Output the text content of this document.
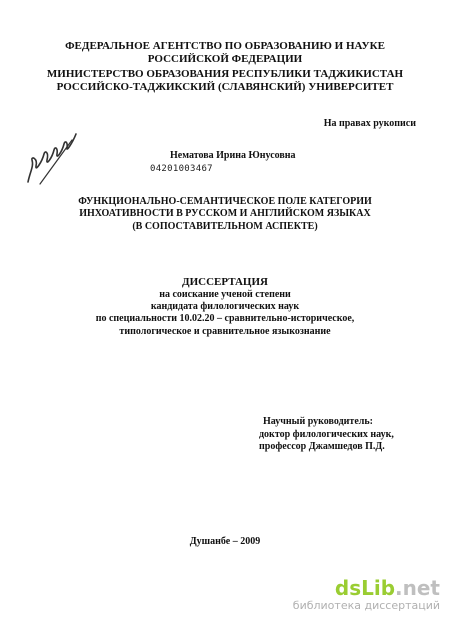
ФЕДЕРАЛЬНОЕ АГЕНТСТВО ПО ОБРАЗОВАНИЮ И НАУКЕ
РОССИЙСКОЙ ФЕДЕРАЦИИ
МИНИСТЕРСТВО ОБРАЗОВАНИЯ РЕСПУБЛИКИ ТАДЖИКИСТАН
РОССИЙСКО-ТАДЖИКСКИЙ (СЛАВЯНСКИЙ) УНИВЕРСИТЕТ
На правах рукописи
Нематова Ирина Юнусовна
04201003467
ФУНКЦИОНАЛЬНО-СЕМАНТИЧЕСКОЕ ПОЛЕ КАТЕГОРИИ
ИНХОАТИВНОСТИ В РУССКОМ И АНГЛИЙСКОМ ЯЗЫКАХ
(В СОПОСТАВИТЕЛЬНОМ АСПЕКТЕ)
ДИССЕРТАЦИЯ
на соискание ученой степени
кандидата филологических наук
по специальности 10.02.20 – сравнительно-историческое,
типологическое и сравнительное языкознание
Научный руководитель:
доктор филологических наук,
профессор Джамшедов П.Д.
Душанбе – 2009
dsLib.net
библиотека диссертаций
